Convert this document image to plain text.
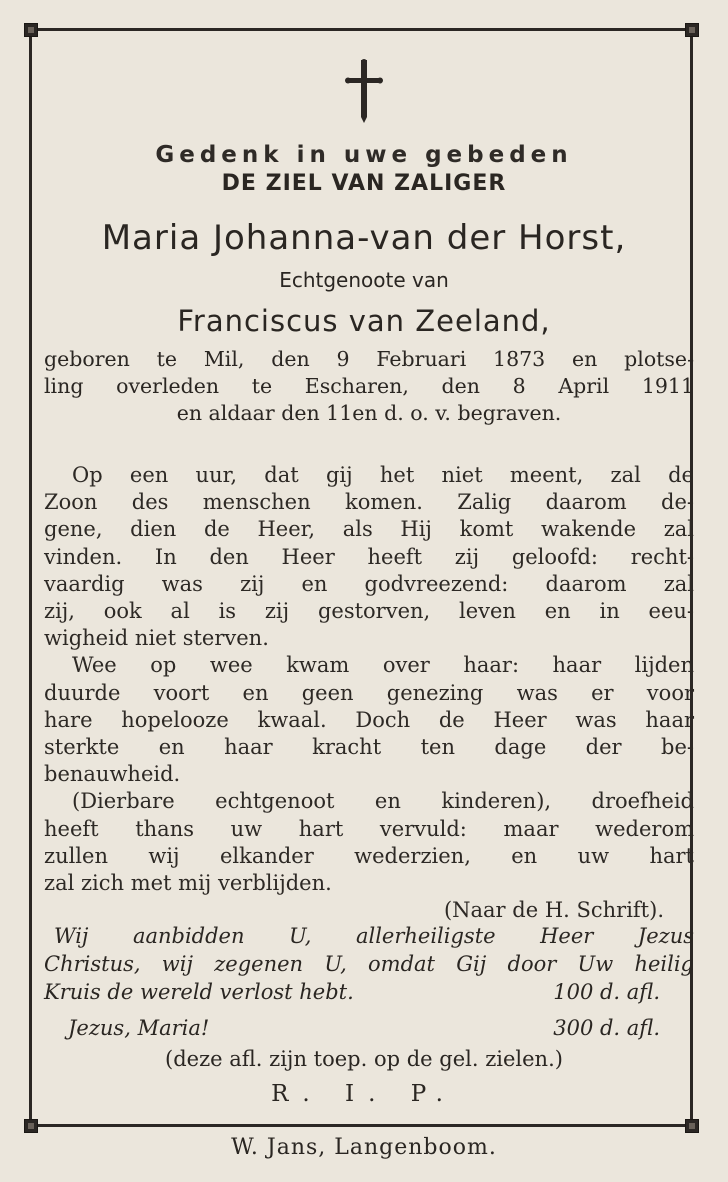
Gedenk in uwe gebeden
DE ZIEL VAN ZALIGER
Maria Johanna-van der Horst,
Echtgenoote van
Franciscus van Zeeland,
geboren te Mil, den 9 Februari 1873 en plotse-
ling overleden te Escharen, den 8 April 1911
en aldaar den 11en d. o. v. begraven.
Op een uur, dat gij het niet meent, zal de
Zoon des menschen komen. Zalig daarom de-
gene, dien de Heer, als Hij komt wakende zal
vinden. In den Heer heeft zij geloofd: recht-
vaardig was zij en godvreezend: daarom zal
zij, ook al is zij gestorven, leven en in eeu-
wigheid niet sterven.
Wee op wee kwam over haar: haar lijden
duurde voort en geen genezing was er voor
hare hopelooze kwaal. Doch de Heer was haar
sterkte en haar kracht ten dage der be-
benauwheid.
(Dierbare echtgenoot en kinderen), droefheid
heeft thans uw hart vervuld: maar wederom
zullen wij elkander wederzien, en uw hart
zal zich met mij verblijden.
(Naar de H. Schrift).
Wij aanbidden U, allerheiligste Heer Jezus
Christus, wij zegenen U, omdat Gij door Uw heilig
Kruis de wereld verlost hebt.	100 d. afl.
Jezus, Maria!	300 d. afl.
(deze afl. zijn toep. op de gel. zielen.)
R. I. P.
W. Jans, Langenboom.
